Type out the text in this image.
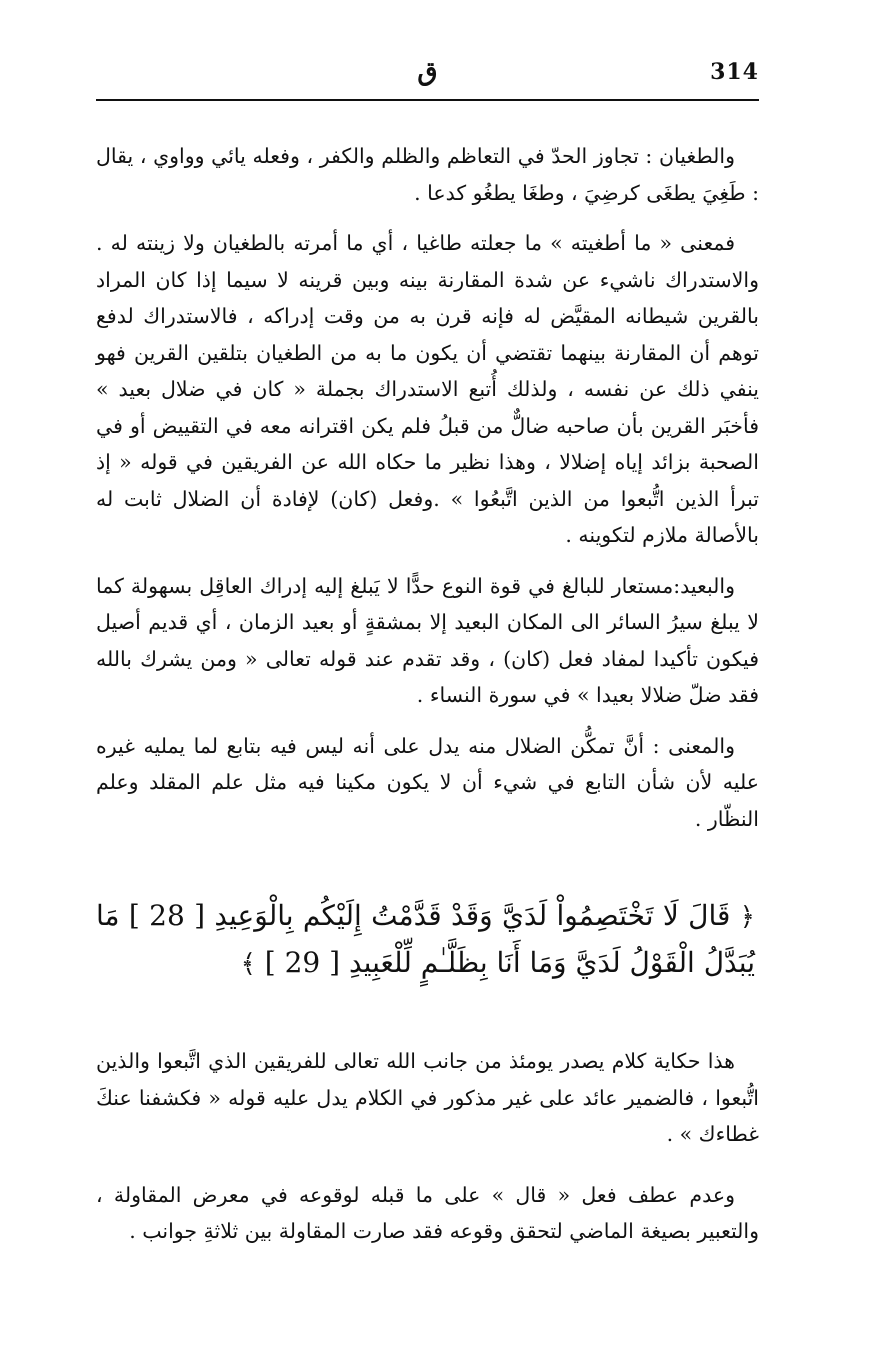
314
ق

والطغيان : تجاوز الحدّ في التعاظم والظلم والكفر ، وفعله يائي وواوي ، يقال : طَغِيَ يطغَى كرضِيَ ، وطغَا يطغُو كدعا .

فمعنى « ما أطغيته » ما جعلته طاغيا ، أي ما أمرته بالطغيان ولا زينته له . والاستدراك ناشيء عن شدة المقارنة بينه وبين قرينه لا سيما إذا كان المراد بالقرين شيطانه المقيَّض له فإنه قرن به من وقت إدراكه ، فالاستدراك لدفع توهم أن المقارنة بينهما تقتضي أن يكون ما به من الطغيان بتلقين القرين فهو ينفي ذلك عن نفسه ، ولذلك أُتبع الاستدراك بجملة « كان في ضلال بعيد » فأخبَر القرين بأن صاحبه ضالٌّ من قبلُ فلم يكن اقترانه معه في التقييض أو في الصحبة بزائد إياه إضلالا ، وهذا نظير ما حكاه الله عن الفريقين في قوله « إذ تبرأ الذين اتُّبعوا من الذين اتَّبعُوا » .وفعل (كان) لإفادة أن الضلال ثابت له بالأصالة ملازم لتكوينه .

والبعيد:مستعار للبالغ في قوة النوع حدًّا لا يَبلغ إليه إدراك العاقِل بسهولة كما لا يبلغ سيرُ السائر الى المكان البعيد إلا بمشقةٍ أو بعيد الزمان ، أي قديم أصيل فيكون تأكيدا لمفاد فعل (كان) ، وقد تقدم عند قوله تعالى « ومن يشرك بالله فقد ضلّ ضلالا بعيدا » في سورة النساء .

والمعنى : أنَّ تمكُّن الضلال منه يدل على أنه ليس فيه بتابع لما يمليه غيره عليه لأن شأن التابع في شيء أن لا يكون مكينا فيه مثل علم المقلد وعلم النظّار .

﴿ قَالَ لَا تَخْتَصِمُواْ لَدَيَّ وَقَدْ قَدَّمْتُ إِلَيْكُم بِالْوَعِيدِ [ 28 ] مَا يُبَدَّلُ الْقَوْلُ لَدَيَّ وَمَا أَنَا بِظَلَّـٰمٍ لِّلْعَبِيدِ [ 29 ] ﴾

هذا حكاية كلام يصدر يومئذ من جانب الله تعالى للفريقين الذي اتَّبعوا والذين اتُّبعوا ، فالضمير عائد على غير مذكور في الكلام يدل عليه قوله « فكشفنا عنكَ غطاءك » .

وعدم عطف فعل « قال » على ما قبله لوقوعه في معرض المقاولة ، والتعبير بصيغة الماضي لتحقق وقوعه فقد صارت المقاولة بين ثلاثةِ جوانب .
